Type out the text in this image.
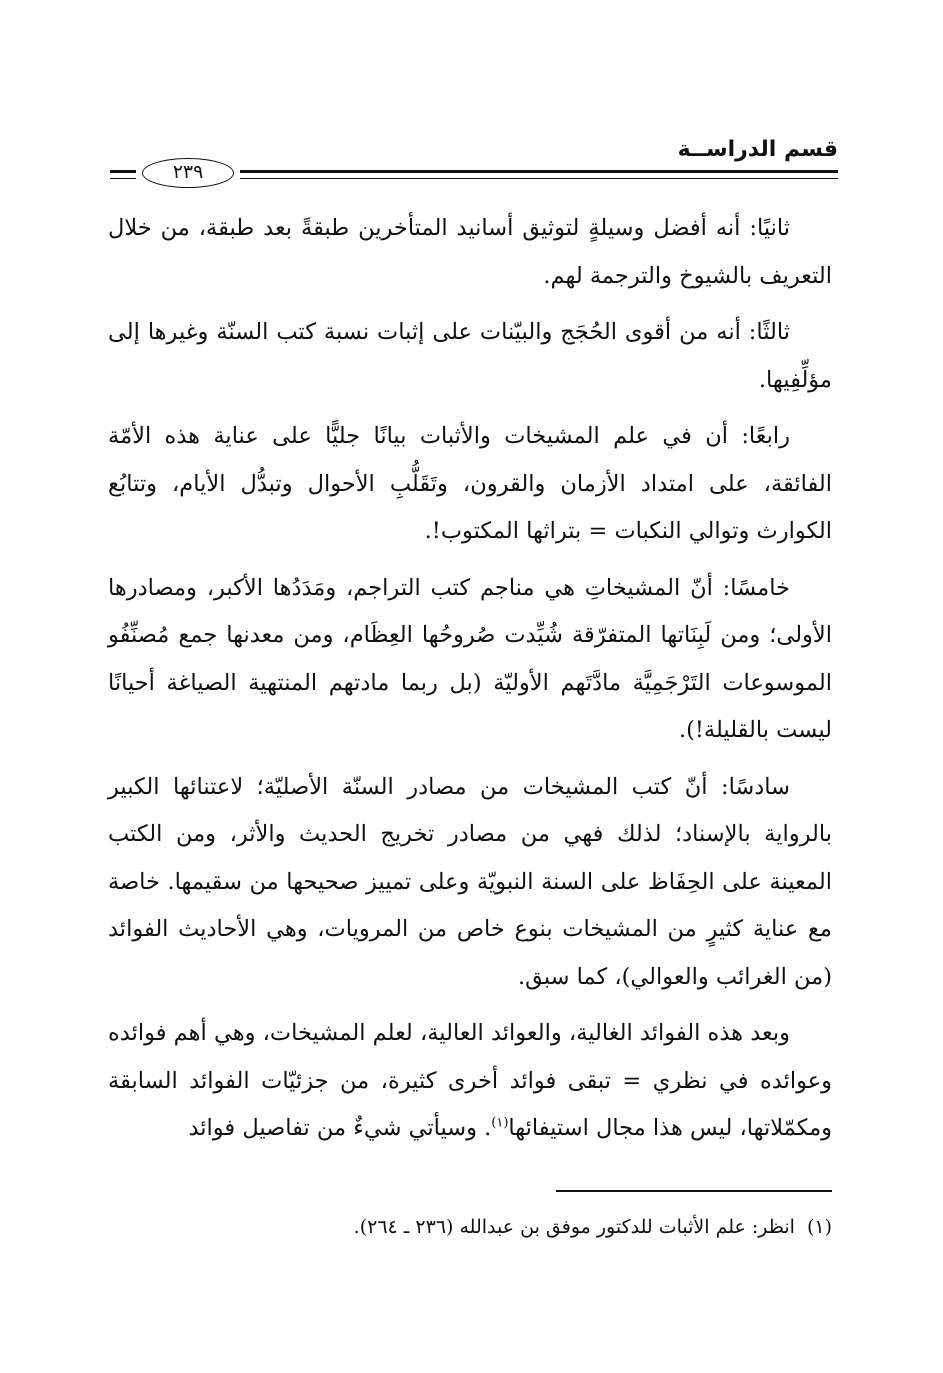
قسم الدراســة
٢٣٩

ثانيًا: أنه أفضل وسيلةٍ لتوثيق أسانيد المتأخرين طبقةً بعد طبقة، من خلال التعريف بالشيوخ والترجمة لهم.

ثالثًا: أنه من أقوى الحُجَج والبيّنات على إثبات نسبة كتب السنّة وغيرها إلى مؤلِّفِيها.

رابعًا: أن في علم المشيخات والأثبات بيانًا جليًّا على عناية هذه الأمّة الفائقة، على امتداد الأزمان والقرون، وتَقَلُّبِ الأحوال وتبدُّل الأيام، وتتابُع الكوارث وتوالي النكبات = بتراثها المكتوب!.

خامسًا: أنّ المشيخاتِ هي مناجم كتب التراجم، ومَدَدُها الأكبر، ومصادرها الأولى؛ ومن لَبِنَاتها المتفرّقة شُيِّدت صُروحُها العِظَام، ومن معدنها جمع مُصنِّفُو الموسوعات التَرْجَمِيَّة مادَّتَهم الأوليّة (بل ربما مادتهم المنتهية الصياغة أحيانًا ليست بالقليلة!).

سادسًا: أنّ كتب المشيخات من مصادر السنّة الأصليّة؛ لاعتنائها الكبير بالرواية بالإسناد؛ لذلك فهي من مصادر تخريج الحديث والأثر، ومن الكتب المعينة على الحِفَاظ على السنة النبويّة وعلى تمييز صحيحها من سقيمها. خاصة مع عناية كثيرٍ من المشيخات بنوع خاص من المرويات، وهي الأحاديث الفوائد (من الغرائب والعوالي)، كما سبق.

وبعد هذه الفوائد الغالية، والعوائد العالية، لعلم المشيخات، وهي أهم فوائده وعوائده في نظري = تبقى فوائد أخرى كثيرة، من جزئيّات الفوائد السابقة ومكمّلاتها، ليس هذا مجال استيفائها$^{(١)}$. وسيأتي شيءٌ من تفاصيل فوائد

(١)انظر: علم الأثبات للدكتور موفق بن عبدالله (٢٣٦ ـ ٢٦٤).
